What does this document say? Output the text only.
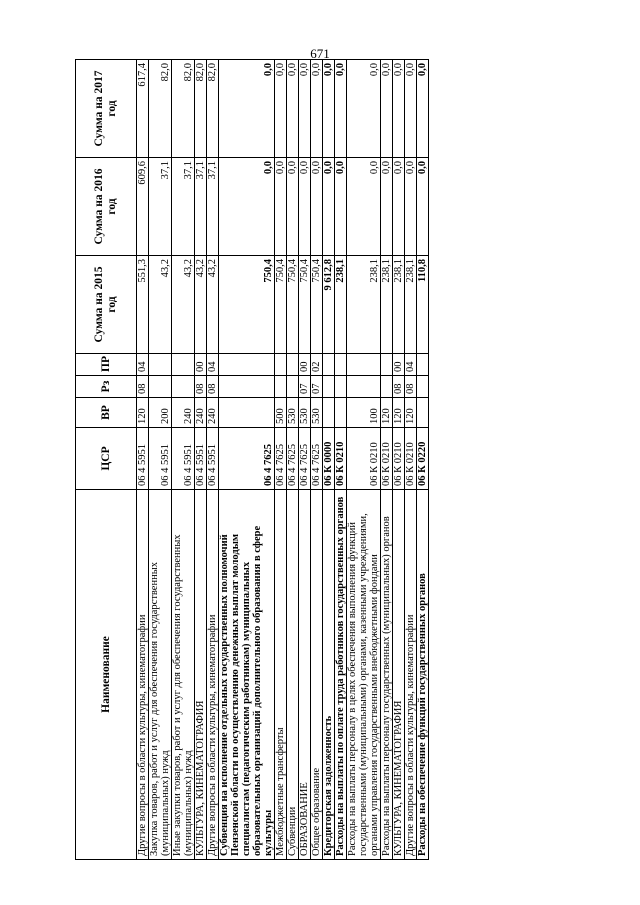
671
Наименование	ЦСР	ВР	Рз	ПР	Сумма на 2015 год	Сумма на 2016 год	Сумма на 2017 год
Другие вопросы в области культуры, кинематографии	06 4 5951	120	08	04	551,3	609,6	617,4
Закупка товаров, работ и услуг для обеспечения государственных (муниципальных) нужд	06 4 5951	200			43,2	37,1	82,0
Иные закупки товаров, работ и услуг для обеспечения государственных (муниципальных) нужд	06 4 5951	240			43,2	37,1	82,0
КУЛЬТУРА, КИНЕМАТОГРАФИЯ	06 4 5951	240	08	00	43,2	37,1	82,0
Другие вопросы в области культуры, кинематографии	06 4 5951	240	08	04	43,2	37,1	82,0
Субвенция на исполнение отдельных государственных полномочий Пензенской области по осуществлению денежных выплат молодым специалистам (педагогическим работникам) муниципальных образовательных организаций дополнительного образования в сфере культуры	06 4 7625				750,4	0,0	0,0
Межбюджетные трансферты	06 4 7625	500			750,4	0,0	0,0
Субвенции	06 4 7625	530			750,4	0,0	0,0
ОБРАЗОВАНИЕ	06 4 7625	530	07	00	750,4	0,0	0,0
Общее образование	06 4 7625	530	07	02	750,4	0,0	0,0
Кредиторская задолженность	06 К 0000				9 612,8	0,0	0,0
Расходы на выплаты по оплате труда работников государственных органов	06 К 0210				238,1	0,0	0,0
Расходы на выплаты персоналу в целях обеспечения выполнения функций государственными (муниципальными) органами, казенными учреждениями, органами управления государственными внебюджетными фондами	06 К 0210	100			238,1	0,0	0,0
Расходы на выплаты персоналу государственных (муниципальных) органов	06 К 0210	120			238,1	0,0	0,0
КУЛЬТУРА, КИНЕМАТОГРАФИЯ	06 К 0210	120	08	00	238,1	0,0	0,0
Другие вопросы в области культуры, кинематографии	06 К 0210	120	08	04	238,1	0,0	0,0
Расходы на обеспечение функций государственных органов	06 К 0220				110,8	0,0	0,0
